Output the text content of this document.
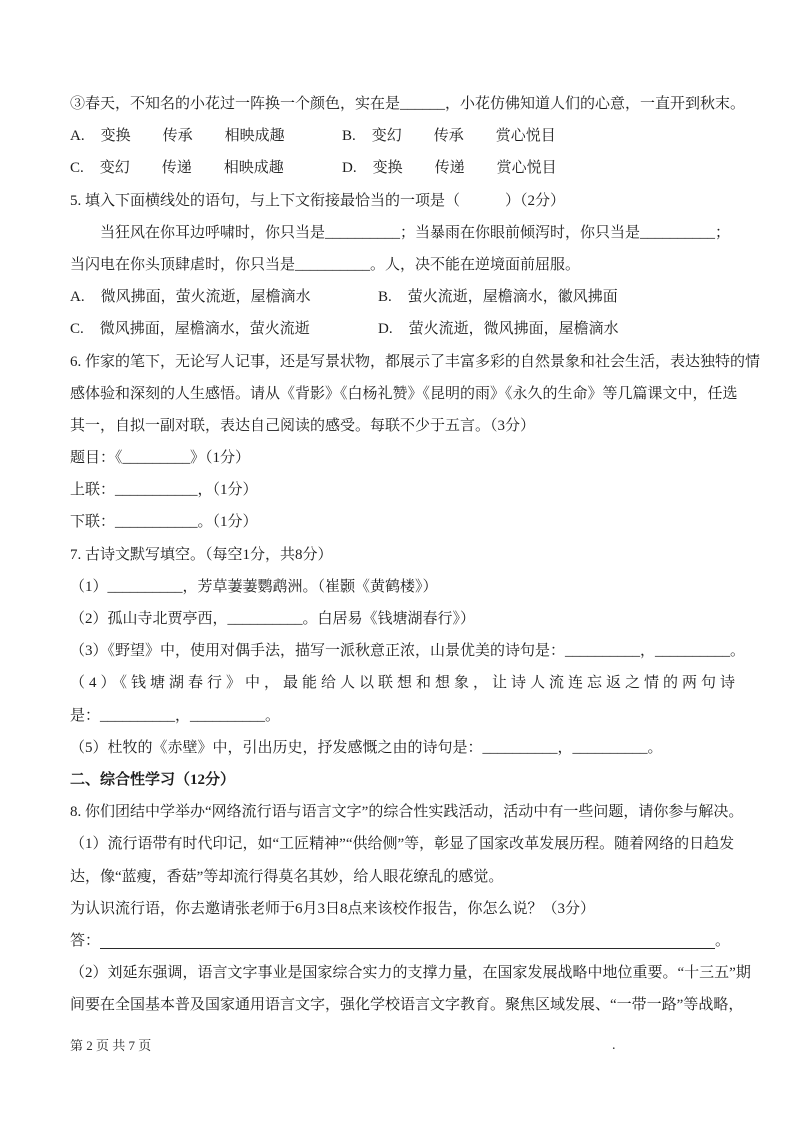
③春天，不知名的小花过一阵换一个颜色，实在是______，小花仿佛知道人们的心意，一直开到秋末。
A. 变换 传承 相映成趣	B. 变幻 传承 赏心悦目
C. 变幻 传递 相映成趣	D. 变换 传递 赏心悦目
5. 填入下面横线处的语句，与上下文衔接最恰当的一项是（　　　）（2分）
当狂风在你耳边呼啸时，你只当是__________；当暴雨在你眼前倾泻时，你只当是__________；
当闪电在你头顶肆虐时，你只当是__________。人，决不能在逆境面前屈服。
A. 微风拂面，萤火流逝，屋檐滴水	B. 萤火流逝，屋檐滴水，徽风拂面
C. 微风拂面，屋檐滴水，萤火流逝	D. 萤火流逝，微风拂面，屋檐滴水
6. 作家的笔下，无论写人记事，还是写景状物，都展示了丰富多彩的自然景象和社会生活，表达独特的情
感体验和深刻的人生感悟。请从《背影》《白杨礼赞》《昆明的雨》《永久的生命》等几篇课文中，任选
其一，自拟一副对联，表达自己阅读的感受。每联不少于五言。（3分）
题目：《_________》（1分）
上联：___________，（1分）
下联：___________。（1分）
7. 古诗文默写填空。（每空1分，共8分）
（1）__________，芳草萋萋鹦鹉洲。（崔颢《黄鹤楼》）
（2）孤山寺北贾亭西，__________。白居易《钱塘湖春行》）
（3）《野望》中，使用对偶手法，描写一派秋意正浓，山景优美的诗句是：__________，__________。
（4）《钱塘湖春行》中，最能给人以联想和想象，让诗人流连忘返之情的两句诗
是：__________，__________。
（5）杜牧的《赤壁》中，引出历史，抒发感慨之由的诗句是：__________，__________。
二、综合性学习（12分）
8. 你们团结中学举办“网络流行语与语言文字”的综合性实践活动，活动中有一些问题，请你参与解决。
（1）流行语带有时代印记，如“工匠精神”“供给侧”等，彰显了国家改革发展历程。随着网络的日趋发
达，像“蓝瘦，香菇”等却流行得莫名其妙，给人眼花缭乱的感觉。
为认识流行语，你去邀请张老师于6月3日8点来该校作报告，你怎么说？（3分）
答：	。
（2）刘延东强调，语言文字事业是国家综合实力的支撑力量，在国家发展战略中地位重要。“十三五”期
间要在全国基本普及国家通用语言文字，强化学校语言文字教育。聚焦区域发展、“一带一路”等战略，
第 2 页 共 7 页	.
